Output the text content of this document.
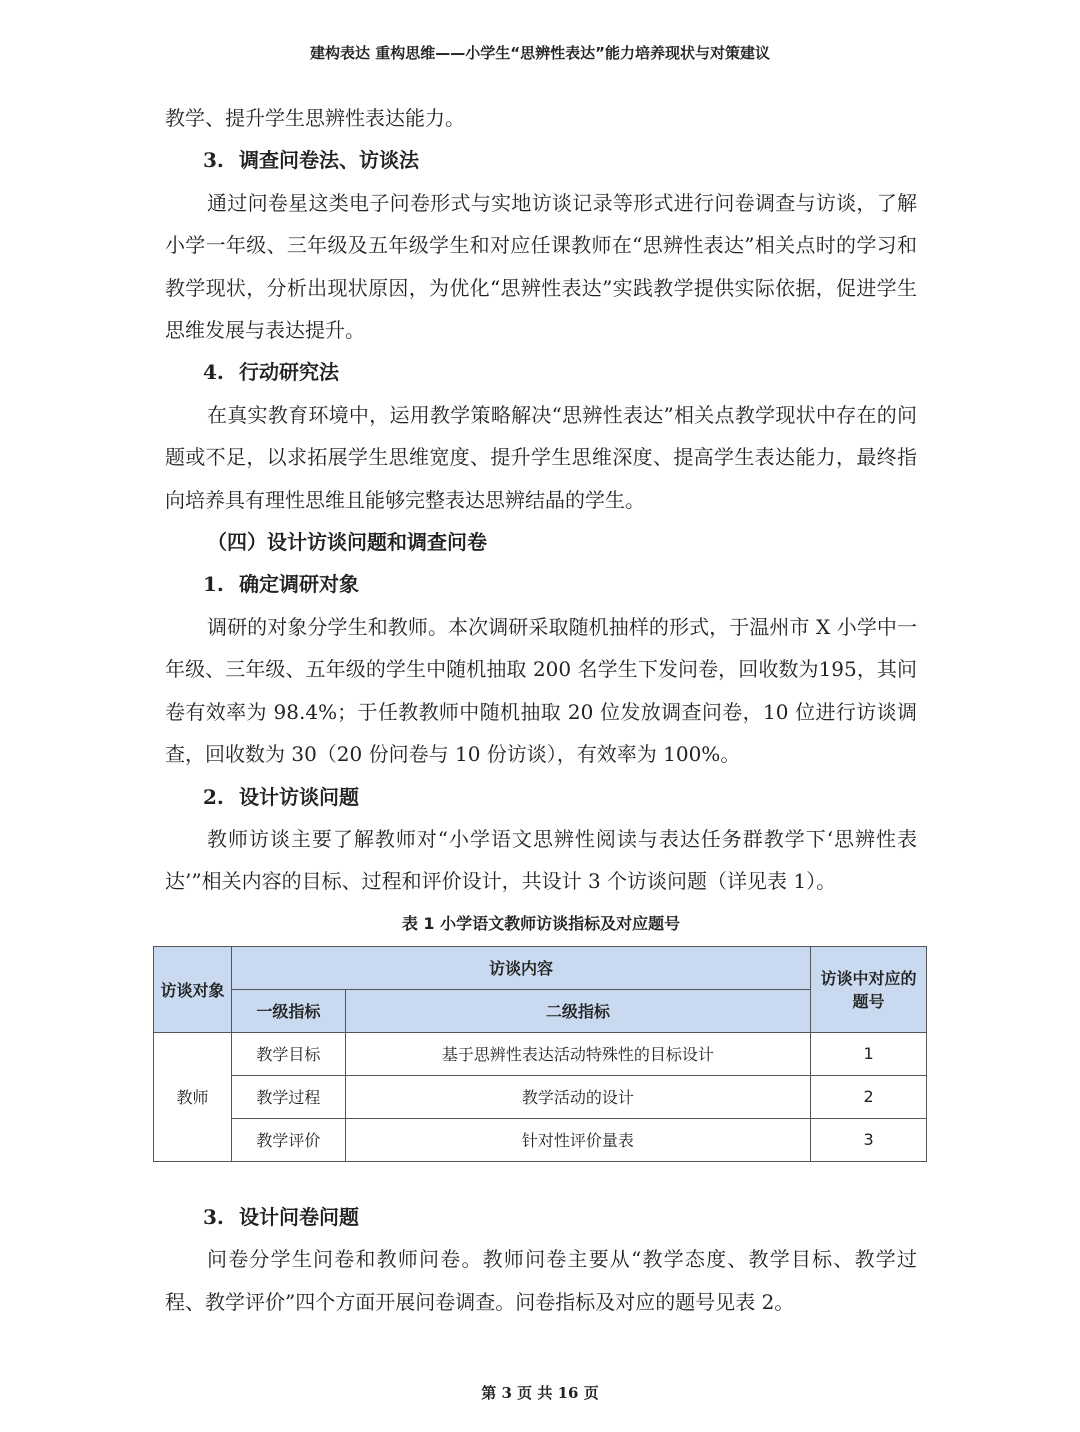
建构表达 重构思维——小学生“思辨性表达”能力培养现状与对策建议

教学、提升学生思辨性表达能力。

3. 调查问卷法、访谈法

通过问卷星这类电子问卷形式与实地访谈记录等形式进行问卷调查与访谈，了解小学一年级、三年级及五年级学生和对应任课教师在“思辨性表达”相关点时的学习和教学现状，分析出现状原因，为优化“思辨性表达”实践教学提供实际依据，促进学生思维发展与表达提升。

4. 行动研究法

在真实教育环境中，运用教学策略解决“思辨性表达”相关点教学现状中存在的问题或不足，以求拓展学生思维宽度、提升学生思维深度、提高学生表达能力，最终指向培养具有理性思维且能够完整表达思辨结晶的学生。

（四）设计访谈问题和调查问卷

1. 确定调研对象

调研的对象分学生和教师。本次调研采取随机抽样的形式，于温州市 X 小学中一年级、三年级、五年级的学生中随机抽取 200 名学生下发问卷，回收数为195，其问卷有效率为 98.4%；于任教教师中随机抽取 20 位发放调查问卷，10 位进行访谈调查，回收数为 30（20 份问卷与 10 份访谈），有效率为 100%。

2. 设计访谈问题

教师访谈主要了解教师对“小学语文思辨性阅读与表达任务群教学下‘思辨性表达’”相关内容的目标、过程和评价设计，共设计 3 个访谈问题（详见表 1）。

表 1 小学语文教师访谈指标及对应题号
访谈对象	访谈内容		访谈中对应的题号
	一级指标	二级指标	
教师	教学目标	基于思辨性表达活动特殊性的目标设计	1
	教学过程	教学活动的设计	2
	教学评价	针对性评价量表	3

3. 设计问卷问题

问卷分学生问卷和教师问卷。教师问卷主要从“教学态度、教学目标、教学过程、教学评价”四个方面开展问卷调查。问卷指标及对应的题号见表 2。

第 3 页 共 16 页
